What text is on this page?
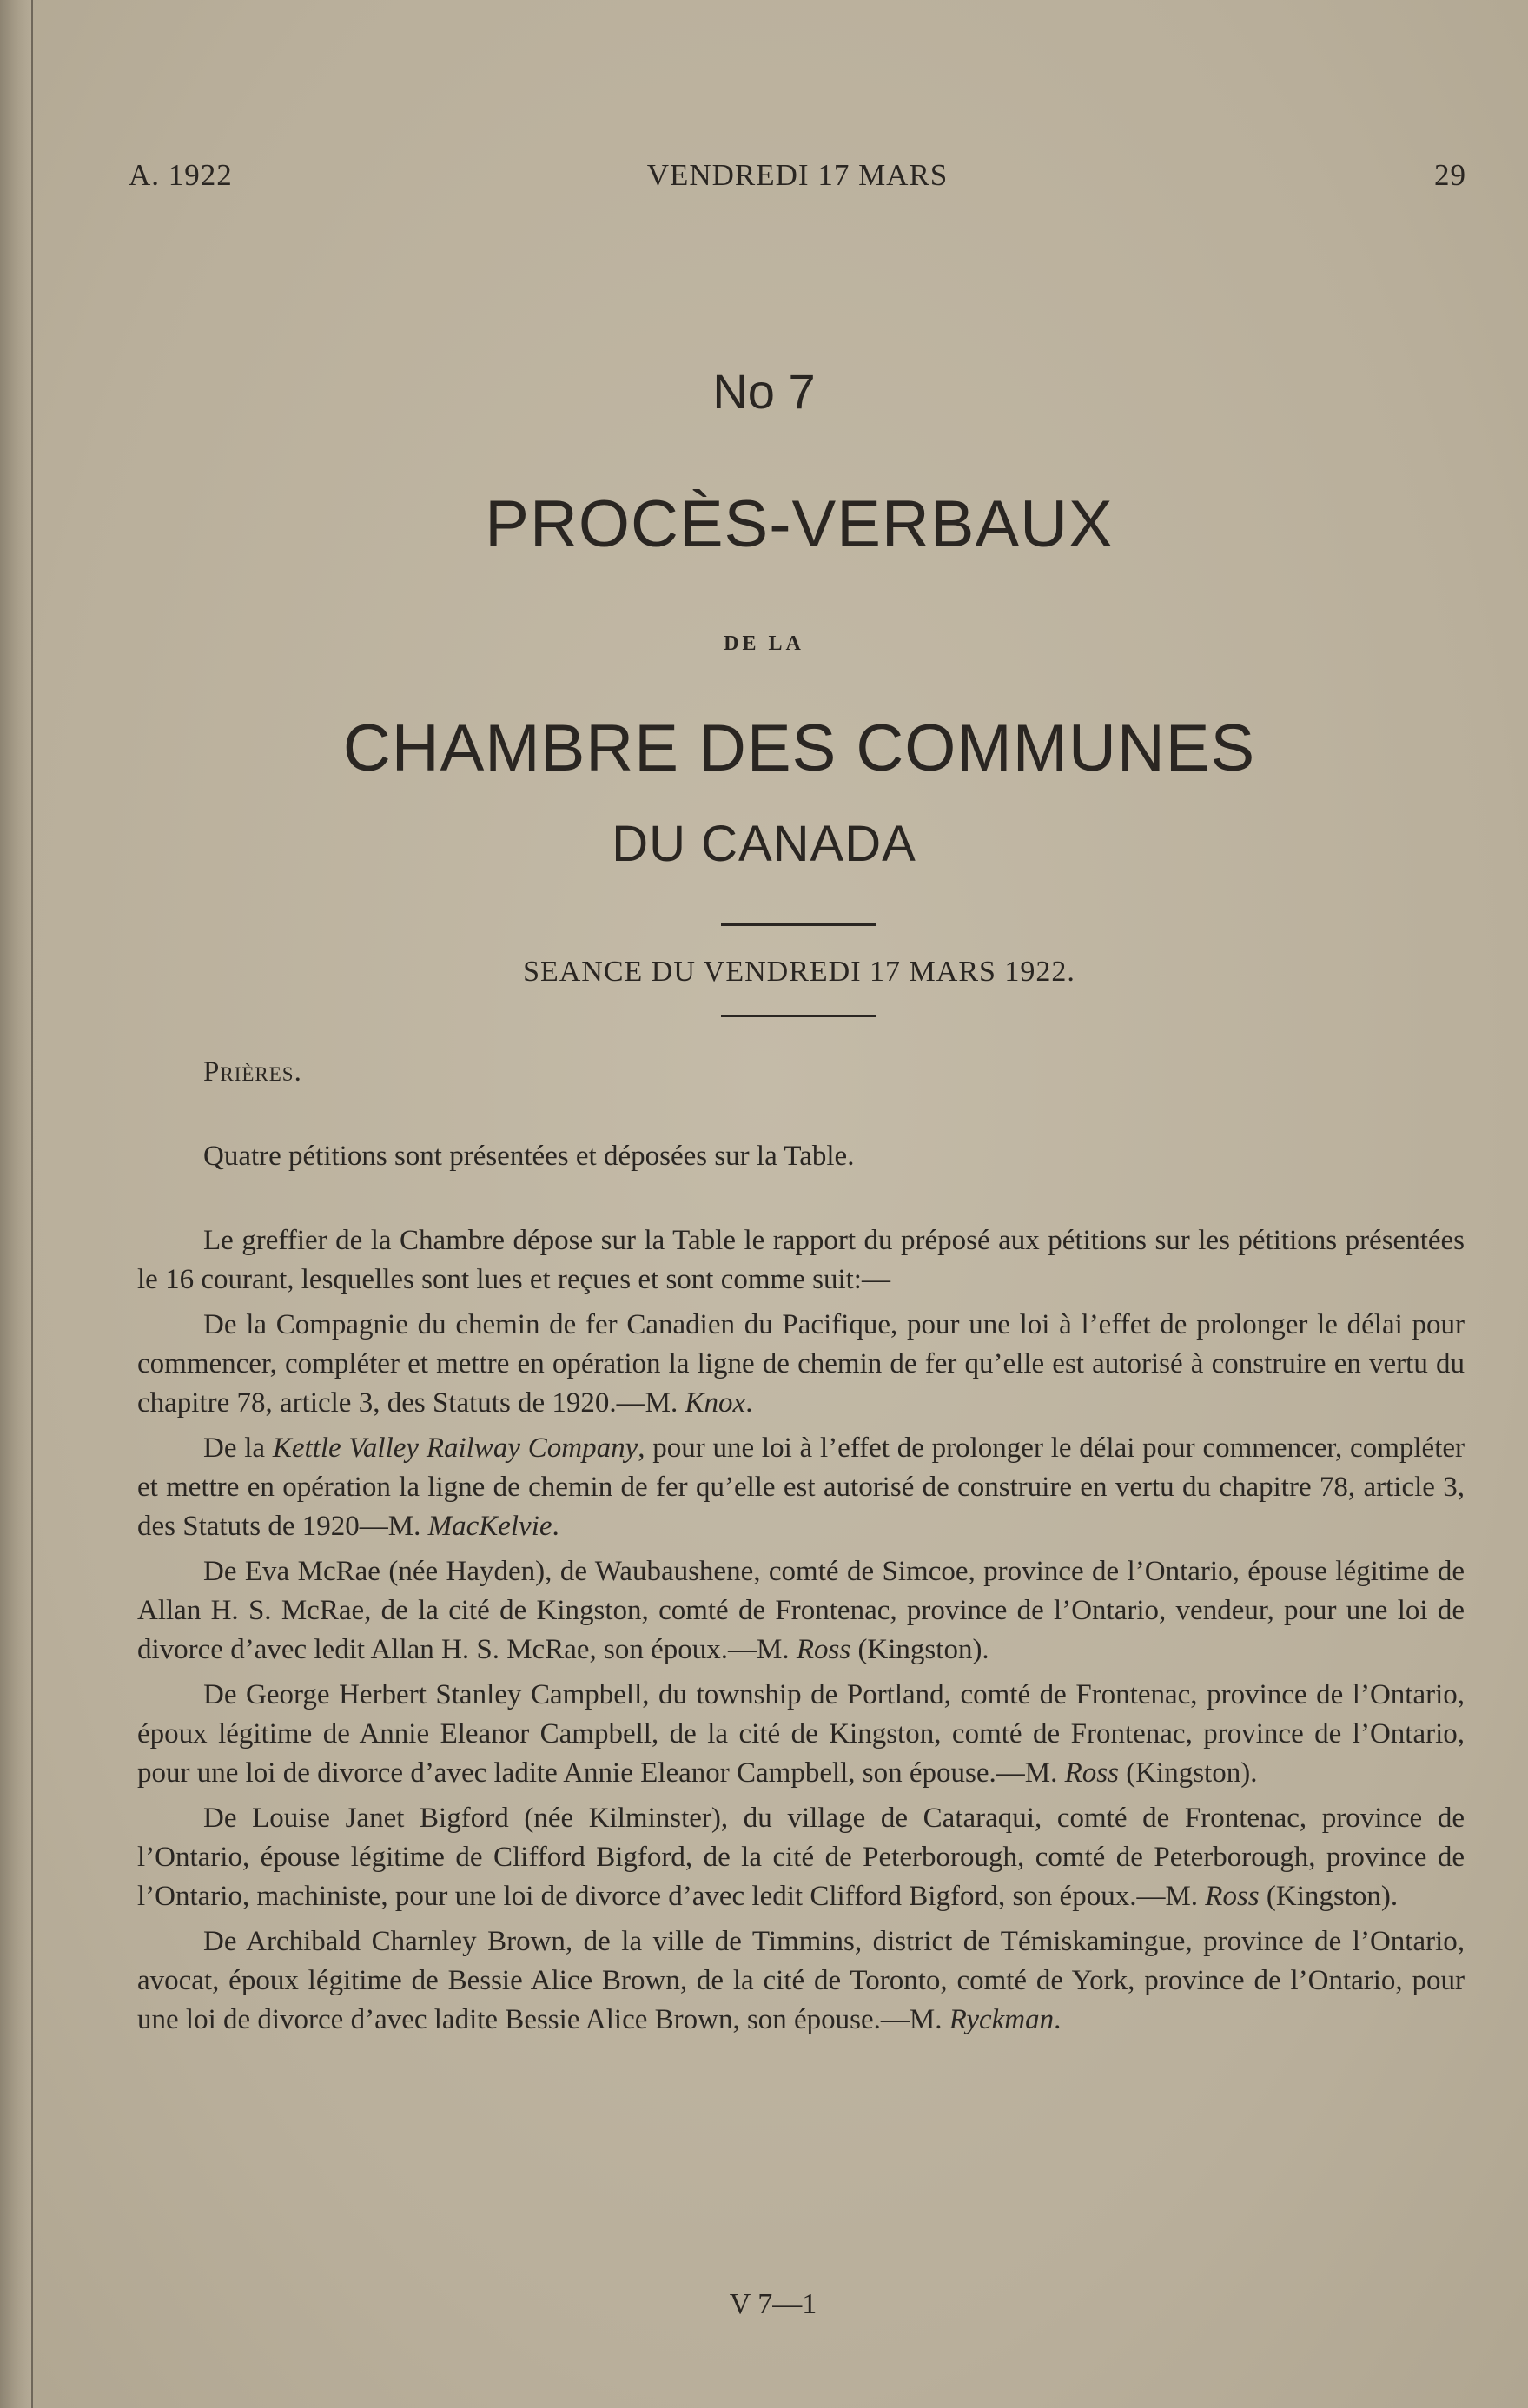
A. 1922	VENDREDI 17 MARS	29
No 7
PROCÈS-VERBAUX
DE LA
CHAMBRE DES COMMUNES
DU CANADA
SEANCE DU VENDREDI 17 MARS 1922.

Prières.

Quatre pétitions sont présentées et déposées sur la Table.

Le greffier de la Chambre dépose sur la Table le rapport du préposé aux pétitions sur les pétitions présentées le 16 courant, lesquelles sont lues et reçues et sont comme suit:—

De la Compagnie du chemin de fer Canadien du Pacifique, pour une loi à l’effet de prolonger le délai pour commencer, compléter et mettre en opération la ligne de chemin de fer qu’elle est autorisé à construire en vertu du chapitre 78, article 3, des Statuts de 1920.—M. Knox.

De la Kettle Valley Railway Company, pour une loi à l’effet de prolonger le délai pour commencer, compléter et mettre en opération la ligne de chemin de fer qu’elle est autorisé de construire en vertu du chapitre 78, article 3, des Statuts de 1920—M. MacKelvie.

De Eva McRae (née Hayden), de Waubaushene, comté de Simcoe, province de l’Ontario, épouse légitime de Allan H. S. McRae, de la cité de Kingston, comté de Frontenac, province de l’Ontario, vendeur, pour une loi de divorce d’avec ledit Allan H. S. McRae, son époux.—M. Ross (Kingston).

De George Herbert Stanley Campbell, du township de Portland, comté de Frontenac, province de l’Ontario, époux légitime de Annie Eleanor Campbell, de la cité de Kingston, comté de Frontenac, province de l’Ontario, pour une loi de divorce d’avec ladite Annie Eleanor Campbell, son épouse.—M. Ross (Kingston).

De Louise Janet Bigford (née Kilminster), du village de Cataraqui, comté de Frontenac, province de l’Ontario, épouse légitime de Clifford Bigford, de la cité de Peterborough, comté de Peterborough, province de l’Ontario, machiniste, pour une loi de divorce d’avec ledit Clifford Bigford, son époux.—M. Ross (Kingston).

De Archibald Charnley Brown, de la ville de Timmins, district de Témiskamingue, province de l’Ontario, avocat, époux légitime de Bessie Alice Brown, de la cité de Toronto, comté de York, province de l’Ontario, pour une loi de divorce d’avec ladite Bessie Alice Brown, son épouse.—M. Ryckman.

V 7—1
